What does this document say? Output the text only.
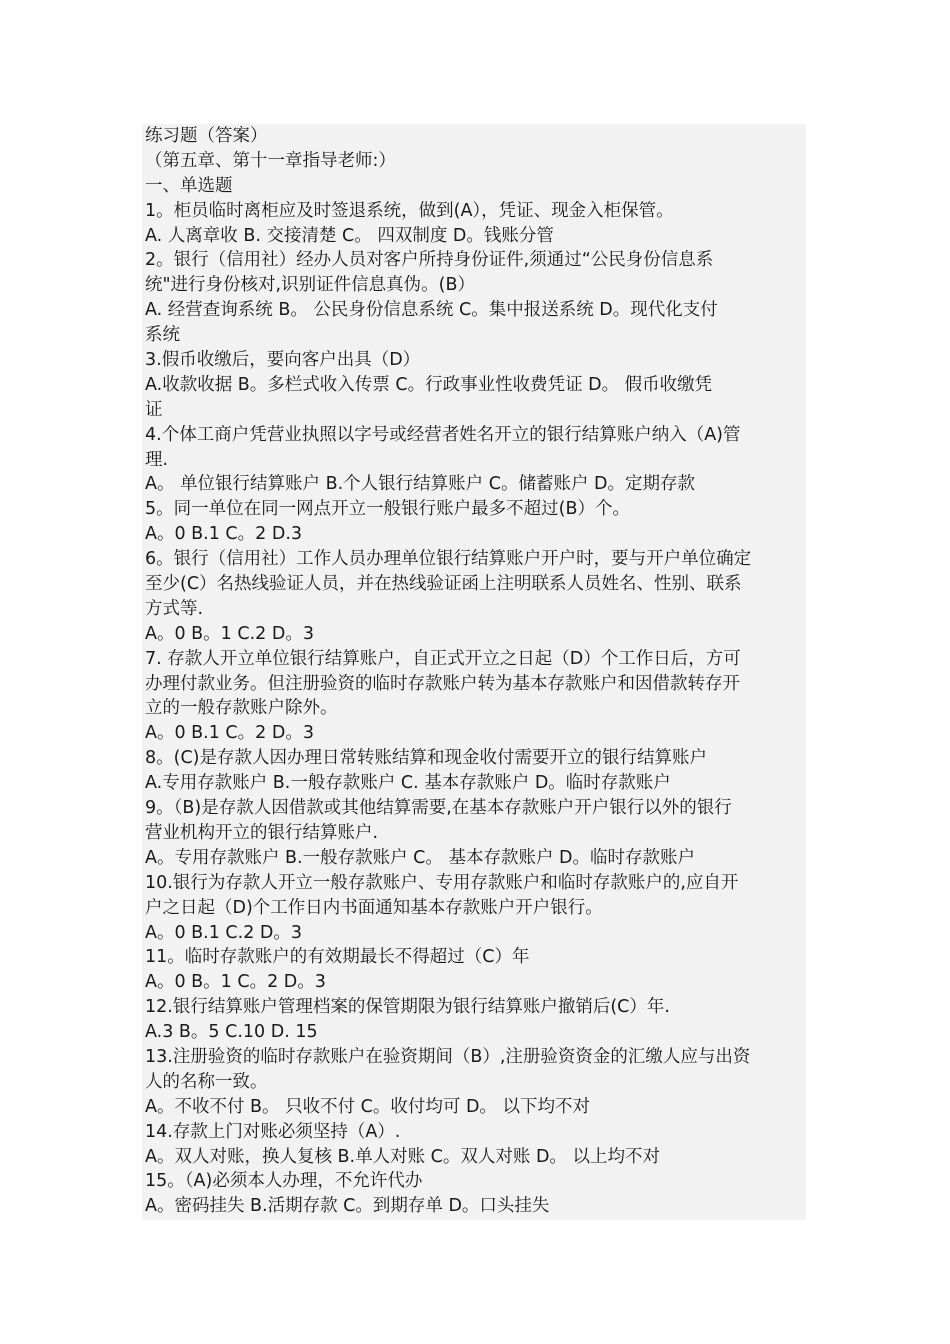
练习题（答案）
（第五章、第十一章指导老师:）
一、单选题
1。柜员临时离柜应及时签退系统，做到(A），凭证、现金入柜保管。
A. 人离章收 B. 交接清楚 C。 四双制度 D。钱账分管
2。银行（信用社）经办人员对客户所持身份证件,须通过“公民身份信息系
统"进行身份核对,识别证件信息真伪。(B）
A. 经营查询系统 B。 公民身份信息系统 C。集中报送系统 D。现代化支付
系统
3.假币收缴后，要向客户出具（D）
A.收款收据 B。多栏式收入传票 C。行政事业性收费凭证 D。 假币收缴凭
证
4.个体工商户凭营业执照以字号或经营者姓名开立的银行结算账户纳入（A)管
理.
A。 单位银行结算账户 B.个人银行结算账户 C。储蓄账户 D。定期存款
5。同一单位在同一网点开立一般银行账户最多不超过(B）个。
A。0 B.1 C。2 D.3
6。银行（信用社）工作人员办理单位银行结算账户开户时，要与开户单位确定
至少(C）名热线验证人员，并在热线验证函上注明联系人员姓名、性别、联系
方式等.
A。0 B。1 C.2 D。3
7. 存款人开立单位银行结算账户，自正式开立之日起（D）个工作日后，方可
办理付款业务。但注册验资的临时存款账户转为基本存款账户和因借款转存开
立的一般存款账户除外。
A。0 B.1 C。2 D。3
8。(C)是存款人因办理日常转账结算和现金收付需要开立的银行结算账户
A.专用存款账户 B.一般存款账户 C. 基本存款账户 D。临时存款账户
9。（B)是存款人因借款或其他结算需要,在基本存款账户开户银行以外的银行
营业机构开立的银行结算账户.
A。专用存款账户 B.一般存款账户 C。 基本存款账户 D。临时存款账户
10.银行为存款人开立一般存款账户、专用存款账户和临时存款账户的,应自开
户之日起（D)个工作日内书面通知基本存款账户开户银行。
A。0 B.1 C.2 D。3
11。临时存款账户的有效期最长不得超过（C）年
A。0 B。1 C。2 D。3
12.银行结算账户管理档案的保管期限为银行结算账户撤销后(C）年.
A.3 B。5 C.10 D. 15
13.注册验资的临时存款账户在验资期间（B）,注册验资资金的汇缴人应与出资
人的名称一致。
A。不收不付 B。 只收不付 C。收付均可 D。 以下均不对
14.存款上门对账必须坚持（A）.
A。双人对账，换人复核 B.单人对账 C。双人对账 D。 以上均不对
15。（A)必须本人办理，不允许代办
A。密码挂失 B.活期存款 C。到期存单 D。口头挂失
